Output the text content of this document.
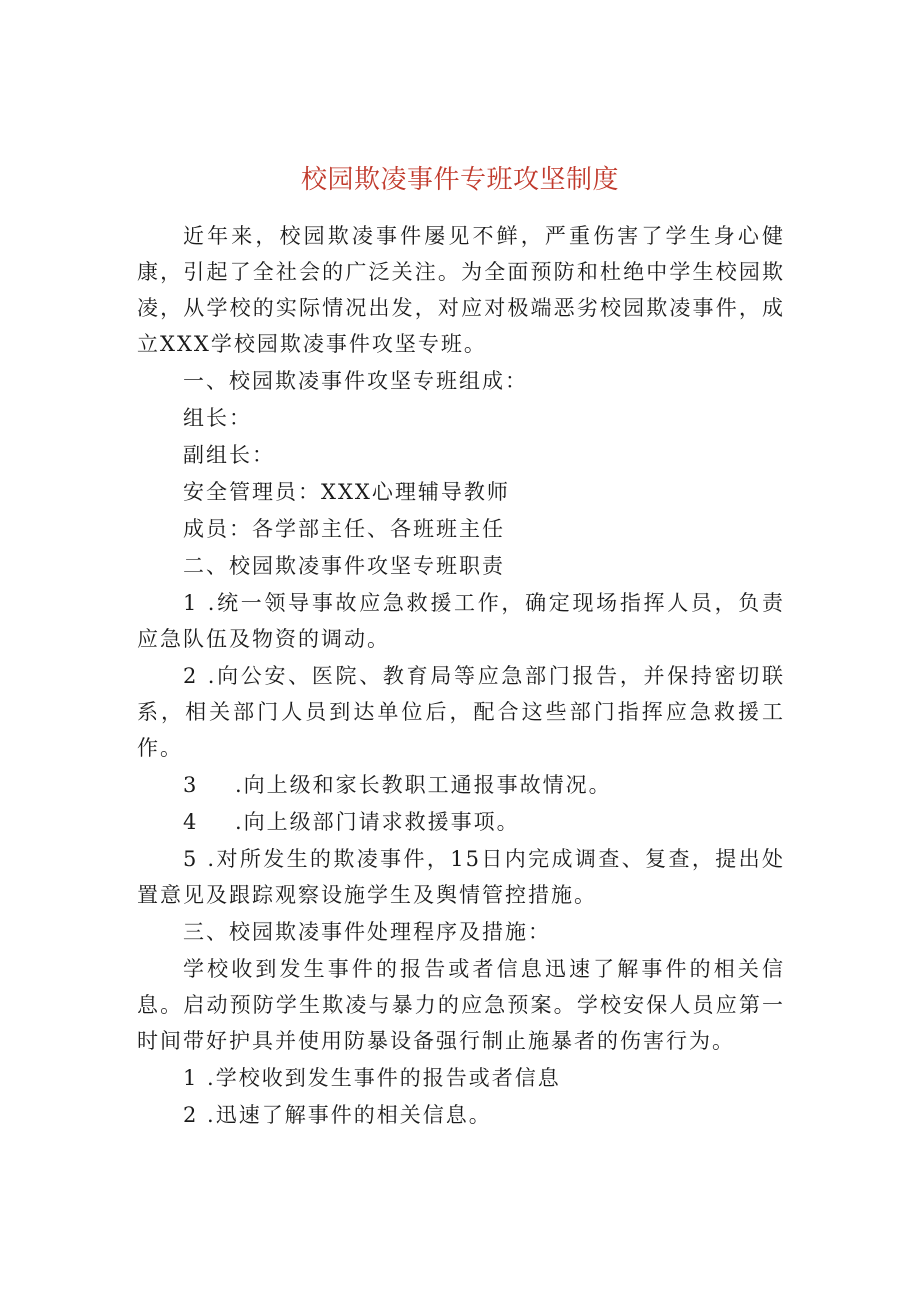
校园欺凌事件专班攻坚制度

近年来，校园欺凌事件屡见不鲜，严重伤害了学生身心健康，引起了全社会的广泛关注。为全面预防和杜绝中学生校园欺凌，从学校的实际情况出发，对应对极端恶劣校园欺凌事件，成立XXX学校园欺凌事件攻坚专班。

一、校园欺凌事件攻坚专班组成：

组长：

副组长：

安全管理员：XXX心理辅导教师

成员：各学部主任、各班班主任

二、校园欺凌事件攻坚专班职责

1 .统一领导事故应急救援工作，确定现场指挥人员，负责应急队伍及物资的调动。

2 .向公安、医院、教育局等应急部门报告，并保持密切联系，相关部门人员到达单位后，配合这些部门指挥应急救援工作。

3 .向上级和家长教职工通报事故情况。
4 .向上级部门请求救援事项。

5 .对所发生的欺凌事件，15日内完成调查、复查，提出处置意见及跟踪观察设施学生及舆情管控措施。

三、校园欺凌事件处理程序及措施：

学校收到发生事件的报告或者信息迅速了解事件的相关信息。启动预防学生欺凌与暴力的应急预案。学校安保人员应第一时间带好护具并使用防暴设备强行制止施暴者的伤害行为。

1 .学校收到发生事件的报告或者信息

2 .迅速了解事件的相关信息。
